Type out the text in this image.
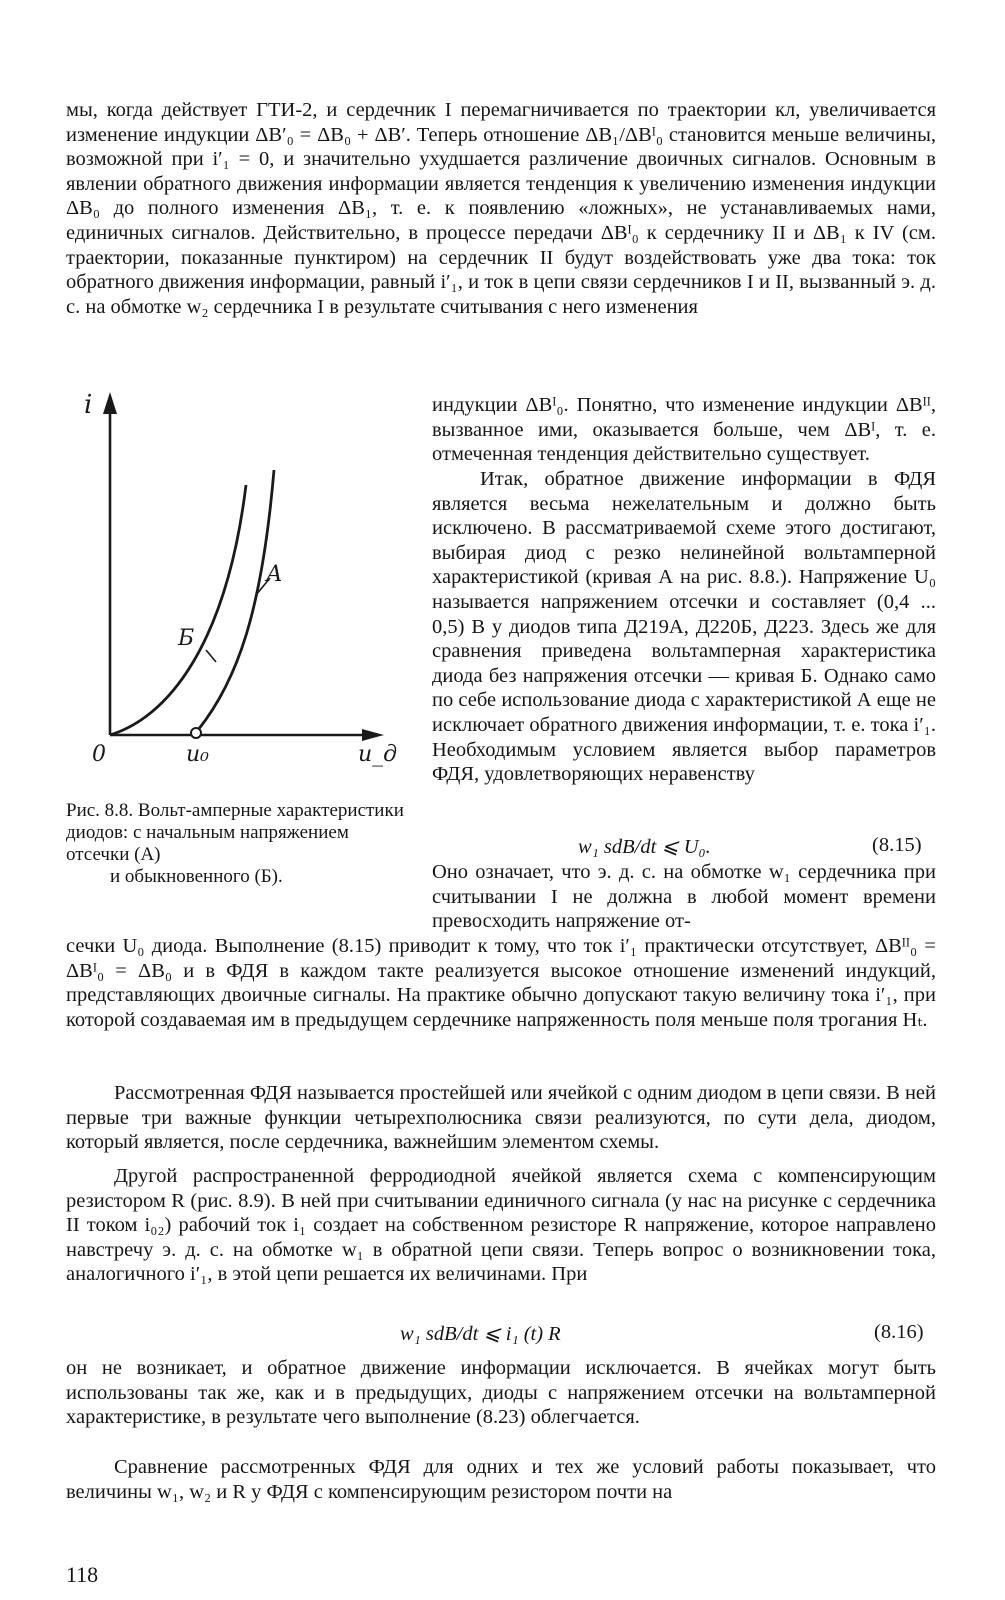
мы, когда действует ГТИ-2, и сердечник I перемагничивается по траектории кл, увеличивается изменение индукции ΔB′₀ = ΔB₀ + ΔB′. Теперь отношение ΔB₁/ΔBᴵ₀ становится меньше величины, возможной при i′₁ = 0, и значительно ухудшается различение двоичных сигналов. Основным в явлении обратного движения информации является тенденция к увеличению изменения индукции ΔB₀ до полного изменения ΔB₁, т. е. к появлению «ложных», не устанавливаемых нами, единичных сигналов. Действительно, в процессе передачи ΔBᴵ₀ к сердечнику II и ΔB₁ к IV (см. траектории, показанные пунктиром) на сердечник II будут воздействовать уже два тока: ток обратного движения информации, равный i′₁, и ток в цепи связи сердечников I и II, вызванный э. д. с. на обмотке w₂ сердечника I в результате считывания с него изменения

i
u_д
0	u₀
А
Б
Рис. 8.8. Вольт-амперные характеристики диодов: с начальным напряжением отсечки (А)
и обыкновенного (Б).

индукции ΔBᴵ₀. Понятно, что изменение индукции ΔBᴵᴵ, вызванное ими, оказывается больше, чем ΔBᴵ, т. е. отмеченная тенденция действительно существует.

Итак, обратное движение информации в ФДЯ является весьма нежелательным и должно быть исключено. В рассматриваемой схеме этого достигают, выбирая диод с резко нелинейной вольтамперной характеристикой (кривая А на рис. 8.8.). Напряжение U₀ называется напряжением отсечки и составляет (0,4 ... 0,5) В у диодов типа Д219А, Д220Б, Д223. Здесь же для сравнения приведена вольтамперная характеристика диода без напряжения отсечки — кривая Б. Однако само по себе использование диода с характеристикой А еще не исключает обратного движения информации, т. е. тока i′₁. Необходимым условием является выбор параметров ФДЯ, удовлетворяющих неравенству

w₁ sdB/dt ⩽ U₀.	(8.15)

Оно означает, что э. д. с. на обмотке w₁ сердечника при считывании I не должна в любой момент времени превосходить напряжение от-

сечки U₀ диода. Выполнение (8.15) приводит к тому, что ток i′₁ практически отсутствует, ΔBᴵᴵ₀ = ΔBᴵ₀ = ΔB₀ и в ФДЯ в каждом такте реализуется высокое отношение изменений индукций, представляющих двоичные сигналы. На практике обычно допускают такую величину тока i′₁, при которой создаваемая им в предыдущем сердечнике напряженность поля меньше поля трогания Hₜ.

Рассмотренная ФДЯ называется простейшей или ячейкой с одним диодом в цепи связи. В ней первые три важные функции четырехполюсника связи реализуются, по сути дела, диодом, который является, после сердечника, важнейшим элементом схемы.

Другой распространенной ферродиодной ячейкой является схема с компенсирующим резистором R (рис. 8.9). В ней при считывании единичного сигнала (у нас на рисунке с сердечника II током i₀₂) рабочий ток i₁ создает на собственном резисторе R напряжение, которое направлено навстречу э. д. с. на обмотке w₁ в обратной цепи связи. Теперь вопрос о возникновении тока, аналогичного i′₁, в этой цепи решается их величинами. При

w₁ sdB/dt ⩽ i₁ (t) R	(8.16)

он не возникает, и обратное движение информации исключается. В ячейках могут быть использованы так же, как и в предыдущих, диоды с напряжением отсечки на вольтамперной характеристике, в результате чего выполнение (8.23) облегчается.

Сравнение рассмотренных ФДЯ для одних и тех же условий работы показывает, что величины w₁, w₂ и R у ФДЯ с компенсирующим резистором почти на

118
